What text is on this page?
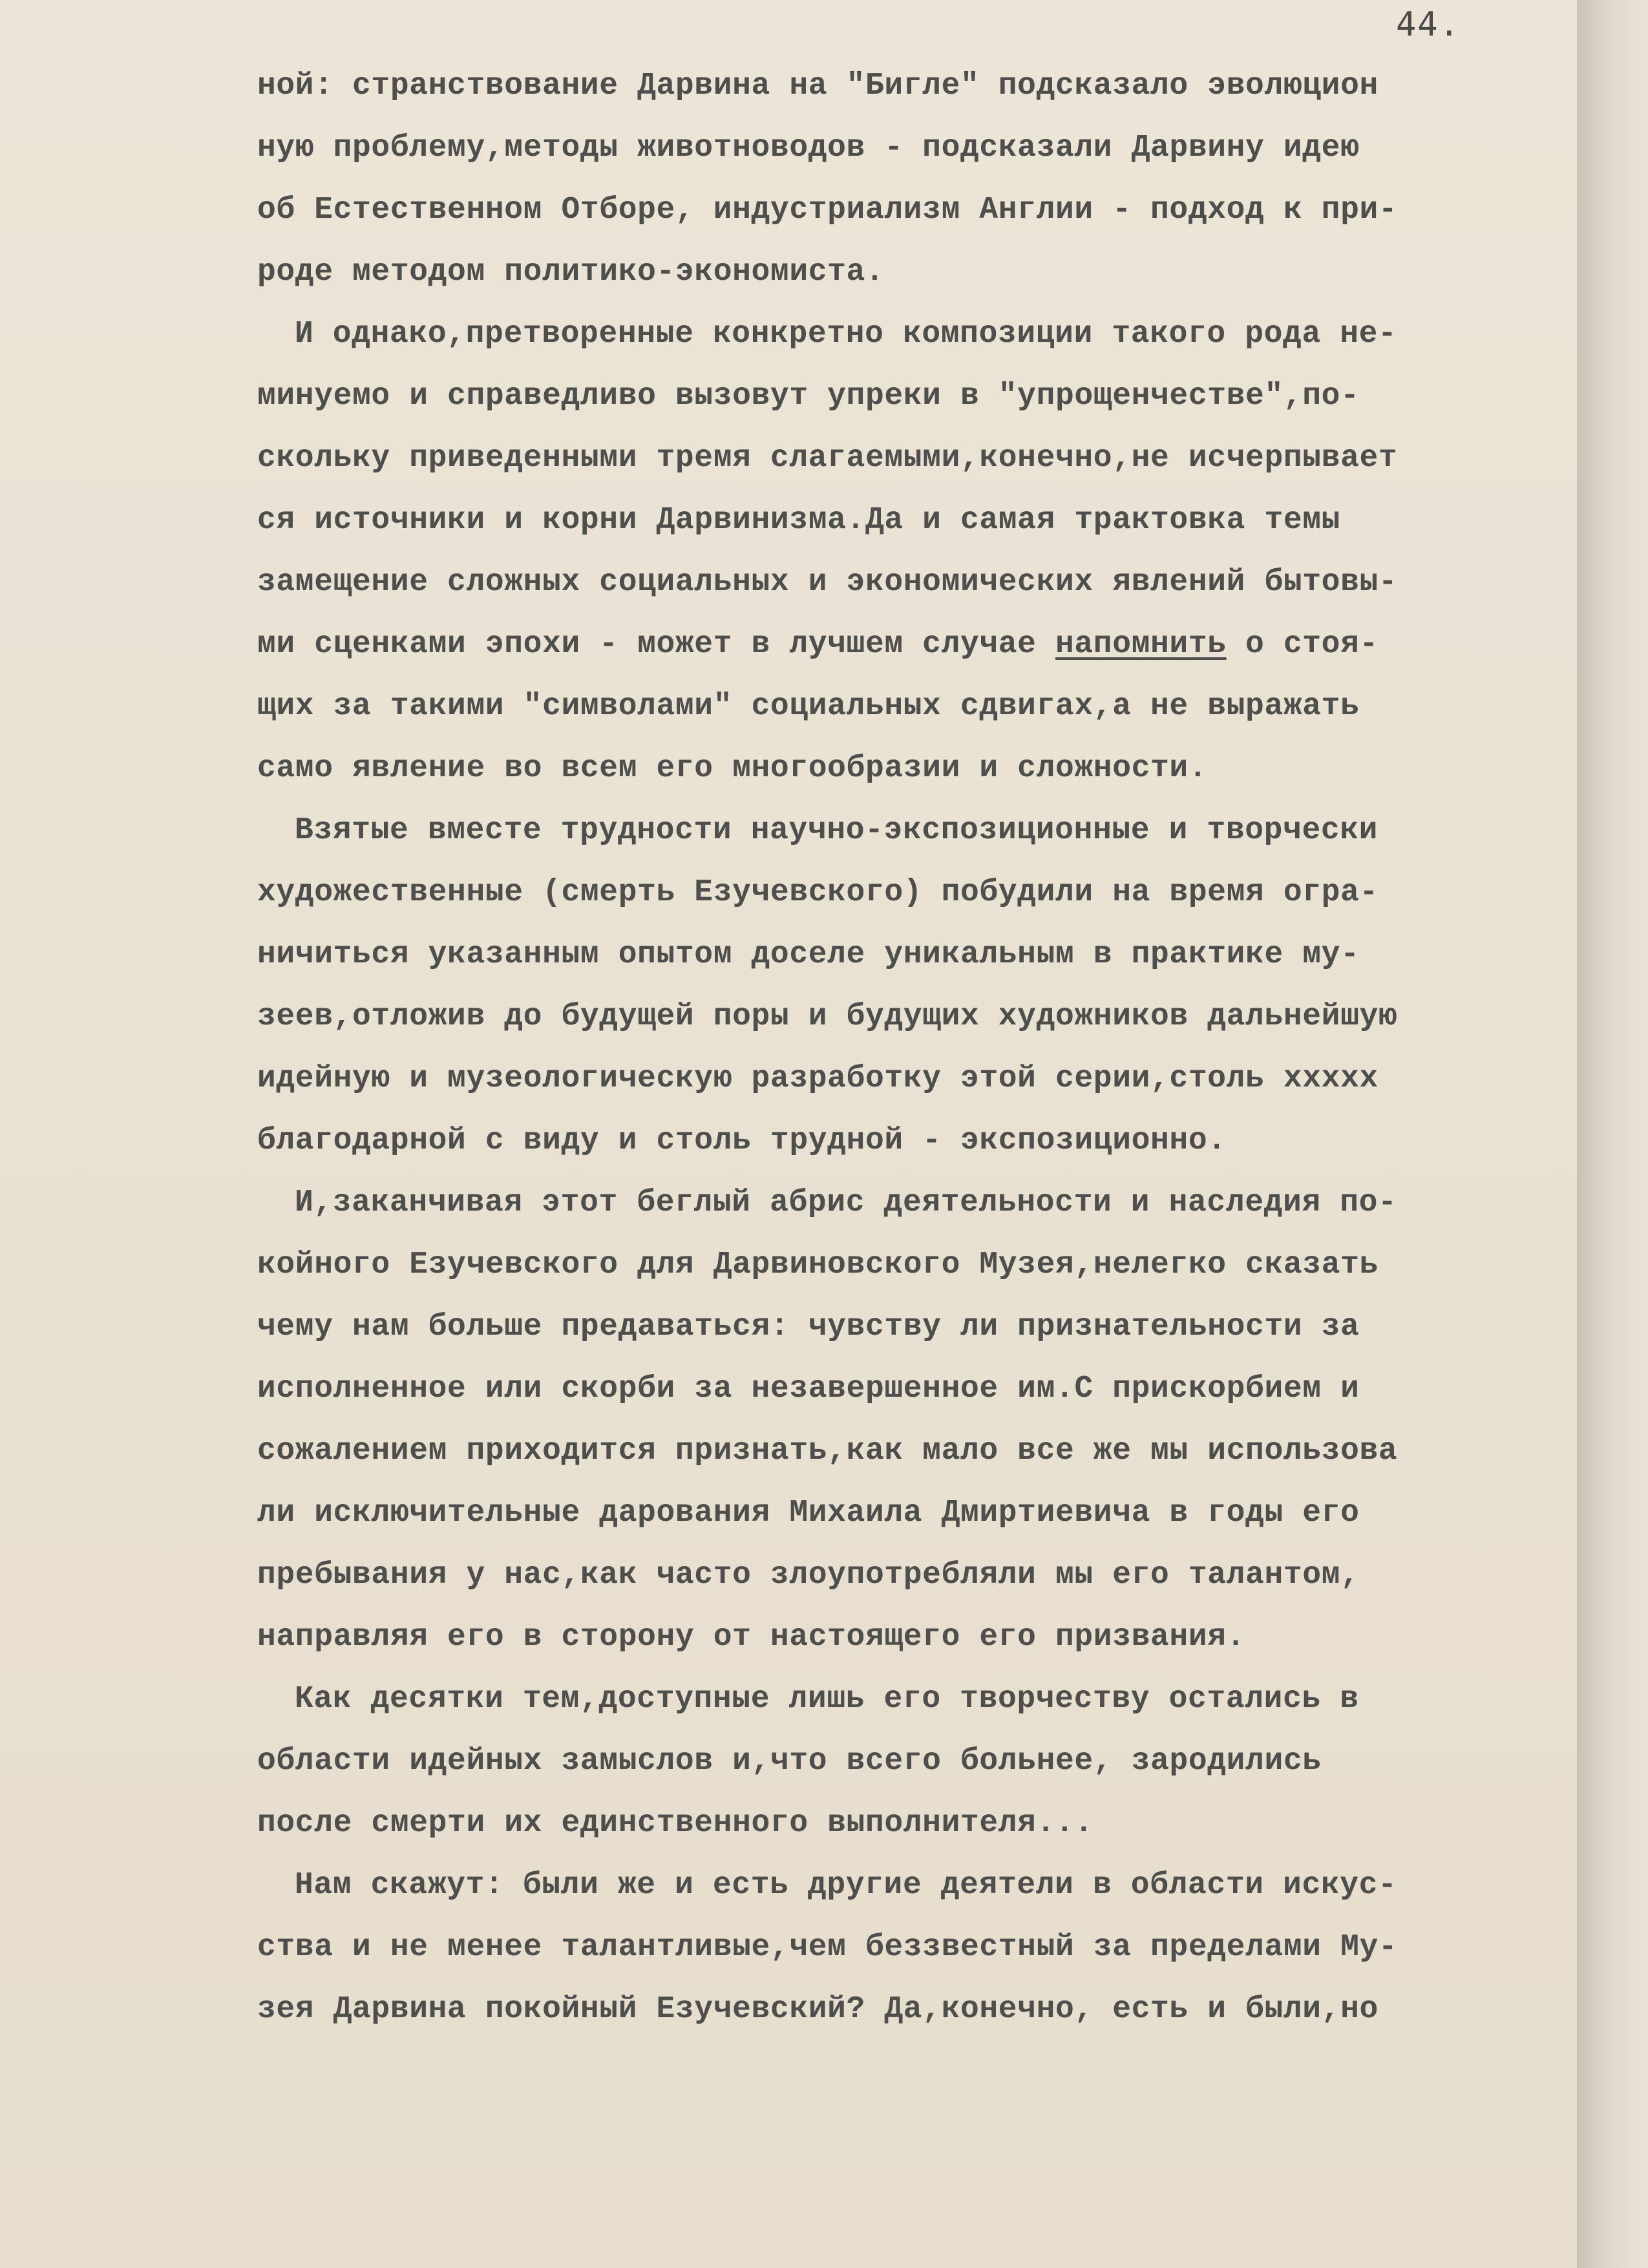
44.
ной: странствование Дарвина на "Бигле" подсказало эволюцион
ную проблему,методы животноводов - подсказали Дарвину идею
об Естественном Отборе, индустриализм Англии - подход к при-
роде методом политико-экономиста.
И однако,претворенные конкретно композиции такого рода не-
минуемо и справедливо вызовут упреки в "упрощенчестве",по-
скольку приведенными тремя слагаемыми,конечно,не исчерпывает
ся источники и корни Дарвинизма.Да и самая трактовка темы
замещение сложных социальных и экономических явлений бытовы-
ми сценками эпохи - может в лучшем случае напомнить о стоя-
щих за такими "символами" социальных сдвигах,а не выражать
само явление во всем его многообразии и сложности.
Взятые вместе трудности научно-экспозиционные и творчески
художественные (смерть Езучевского) побудили на время огра-
ничиться указанным опытом доселе уникальным в практике му-
зеев,отложив до будущей поры и будущих художников дальнейшую
идейную и музеологическую разработку этой серии,столь xxxxx
благодарной с виду и столь трудной - экспозиционно.
И,заканчивая этот беглый абрис деятельности и наследия по-
койного Езучевского для Дарвиновского Музея,нелегко сказать
чему нам больше предаваться: чувству ли признательности за
исполненное или скорби за незавершенное им.С прискорбием и
сожалением приходится признать,как мало все же мы использова
ли исключительные дарования Михаила Дмиртиевича в годы его
пребывания у нас,как часто злоупотребляли мы его талантом,
направляя его в сторону от настоящего его призвания.
Как десятки тем,доступные лишь его творчеству остались в
области идейных замыслов и,что всего больнее, зародились
после смерти их единственного выполнителя...
Нам скажут: были же и есть другие деятели в области искус-
ства и не менее талантливые,чем беззвестный за пределами Му-
зея Дарвина покойный Езучевский? Да,конечно, есть и были,но
